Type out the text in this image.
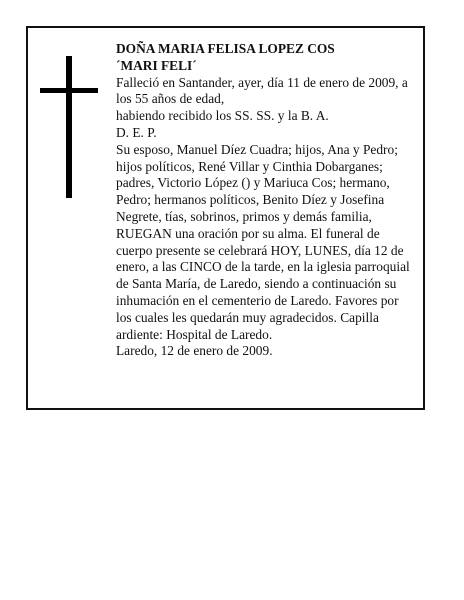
DOÑA MARIA FELISA LOPEZ COS
´MARI FELI´
Falleció en Santander, ayer, día 11 de enero de 2009, a
los 55 años de edad,
habiendo recibido los SS. SS. y la B. A.
D. E. P.
Su esposo, Manuel Díez Cuadra; hijos, Ana y Pedro;
hijos políticos, René Villar y Cinthia Dobarganes;
padres, Victorio López () y Mariuca Cos; hermano,
Pedro; hermanos políticos, Benito Díez y Josefina
Negrete, tías, sobrinos, primos y demás familia,
RUEGAN una oración por su alma. El funeral de
cuerpo presente se celebrará HOY, LUNES, día 12 de
enero, a las CINCO de la tarde, en la iglesia parroquial
de Santa María, de Laredo, siendo a continuación su
inhumación en el cementerio de Laredo. Favores por
los cuales les quedarán muy agradecidos. Capilla
ardiente: Hospital de Laredo.
Laredo, 12 de enero de 2009.
